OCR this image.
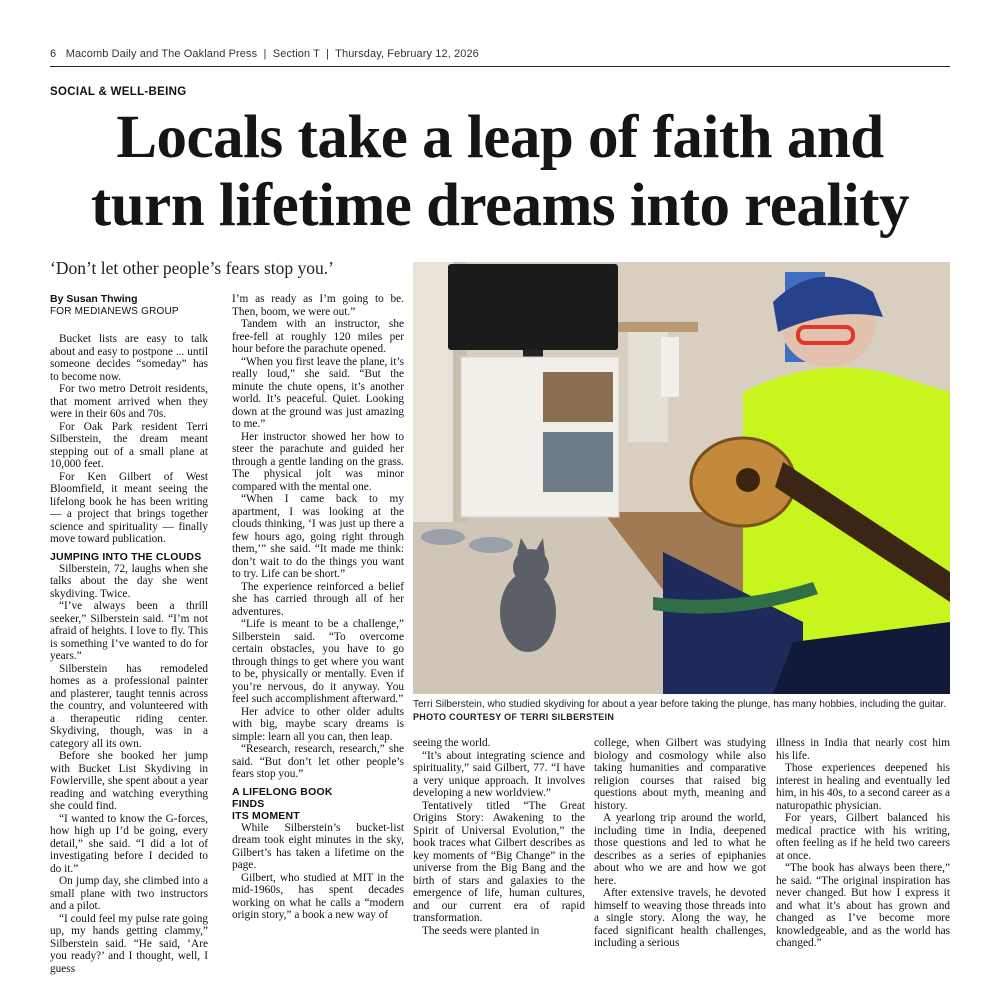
6 Macomb Daily and The Oakland Press  |  Section T  |  Thursday, February 12, 2026
SOCIAL & WELL-BEING
Locals take a leap of faith and
turn lifetime dreams into reality
‘Don’t let other people’s fears stop you.’
By Susan Thwing
FOR MEDIANEWS GROUP

Bucket lists are easy to talk about and easy to postpone ... until someone decides “someday” has to become now.

For two metro Detroit residents, that moment arrived when they were in their 60s and 70s.

For Oak Park resident Terri Silberstein, the dream meant stepping out of a small plane at 10,000 feet.

For Ken Gilbert of West Bloomfield, it meant seeing the lifelong book he has been writing — a project that brings together science and spirituality — finally move toward publication.

JUMPING INTO THE CLOUDS

Silberstein, 72, laughs when she talks about the day she went skydiving. Twice.

“I’ve always been a thrill seeker,” Silberstein said. “I’m not afraid of heights. I love to fly. This is something I’ve wanted to do for years.”

Silberstein has remodeled homes as a professional painter and plasterer, taught tennis across the country, and volunteered with a therapeutic riding center. Skydiving, though, was in a category all its own.

Before she booked her jump with Bucket List Skydiving in Fowlerville, she spent about a year reading and watching everything she could find.

“I wanted to know the G-forces, how high up I’d be going, every detail,” she said. “I did a lot of investigating before I decided to do it.”

On jump day, she climbed into a small plane with two instructors and a pilot.

“I could feel my pulse rate going up, my hands getting clammy,” Silberstein said. “He said, ‘Are you ready?’ and I thought, well, I guess

I’m as ready as I’m going to be. Then, boom, we were out.”

Tandem with an instructor, she free-fell at roughly 120 miles per hour before the parachute opened.

“When you first leave the plane, it’s really loud,” she said. “But the minute the chute opens, it’s another world. It’s peaceful. Quiet. Looking down at the ground was just amazing to me.”

Her instructor showed her how to steer the parachute and guided her through a gentle landing on the grass. The physical jolt was minor compared with the mental one.

“When I came back to my apartment, I was looking at the clouds thinking, ‘I was just up there a few hours ago, going right through them,’” she said. “It made me think: don’t wait to do the things you want to try. Life can be short.”

The experience reinforced a belief she has carried through all of her adventures.

“Life is meant to be a challenge,” Silberstein said. “To overcome certain obstacles, you have to go through things to get where you want to be, physically or mentally. Even if you’re nervous, do it anyway. You feel such accomplishment afterward.”

Her advice to other older adults with big, maybe scary dreams is simple: learn all you can, then leap.

“Research, research, research,” she said. “But don’t let other people’s fears stop you.”

A LIFELONG BOOK
FINDS
ITS MOMENT

While Silberstein’s bucket-list dream took eight minutes in the sky, Gilbert’s has taken a lifetime on the page.

Gilbert, who studied at MIT in the mid-1960s, has spent decades working on what he calls a “modern origin story,” a book a new way of

Terri Silberstein, who studied skydiving for about a year before taking the plunge, has many hobbies, including the guitar. PHOTO COURTESY OF TERRI SILBERSTEIN

seeing the world.

“It’s about integrating science and spirituality,” said Gilbert, 77. “I have a very unique approach. It involves developing a new worldview.”

Tentatively titled “The Great Origins Story: Awakening to the Spirit of Universal Evolution,” the book traces what Gilbert describes as key moments of “Big Change” in the universe from the Big Bang and the birth of stars and galaxies to the emergence of life, human cultures, and our current era of rapid transformation.

The seeds were planted in

college, when Gilbert was studying biology and cosmology while also taking humanities and comparative religion courses that raised big questions about myth, meaning and history.

A yearlong trip around the world, including time in India, deepened those questions and led to what he describes as a series of epiphanies about who we are and how we got here.

After extensive travels, he devoted himself to weaving those threads into a single story. Along the way, he faced significant health challenges, including a serious

illness in India that nearly cost him his life.

Those experiences deepened his interest in healing and eventually led him, in his 40s, to a second career as a naturopathic physician.

For years, Gilbert balanced his medical practice with his writing, often feeling as if he held two careers at once.

“The book has always been there,” he said. “The original inspiration has never changed. But how I express it and what it’s about has grown and changed as I’ve become more knowledgeable, and as the world has changed.”
